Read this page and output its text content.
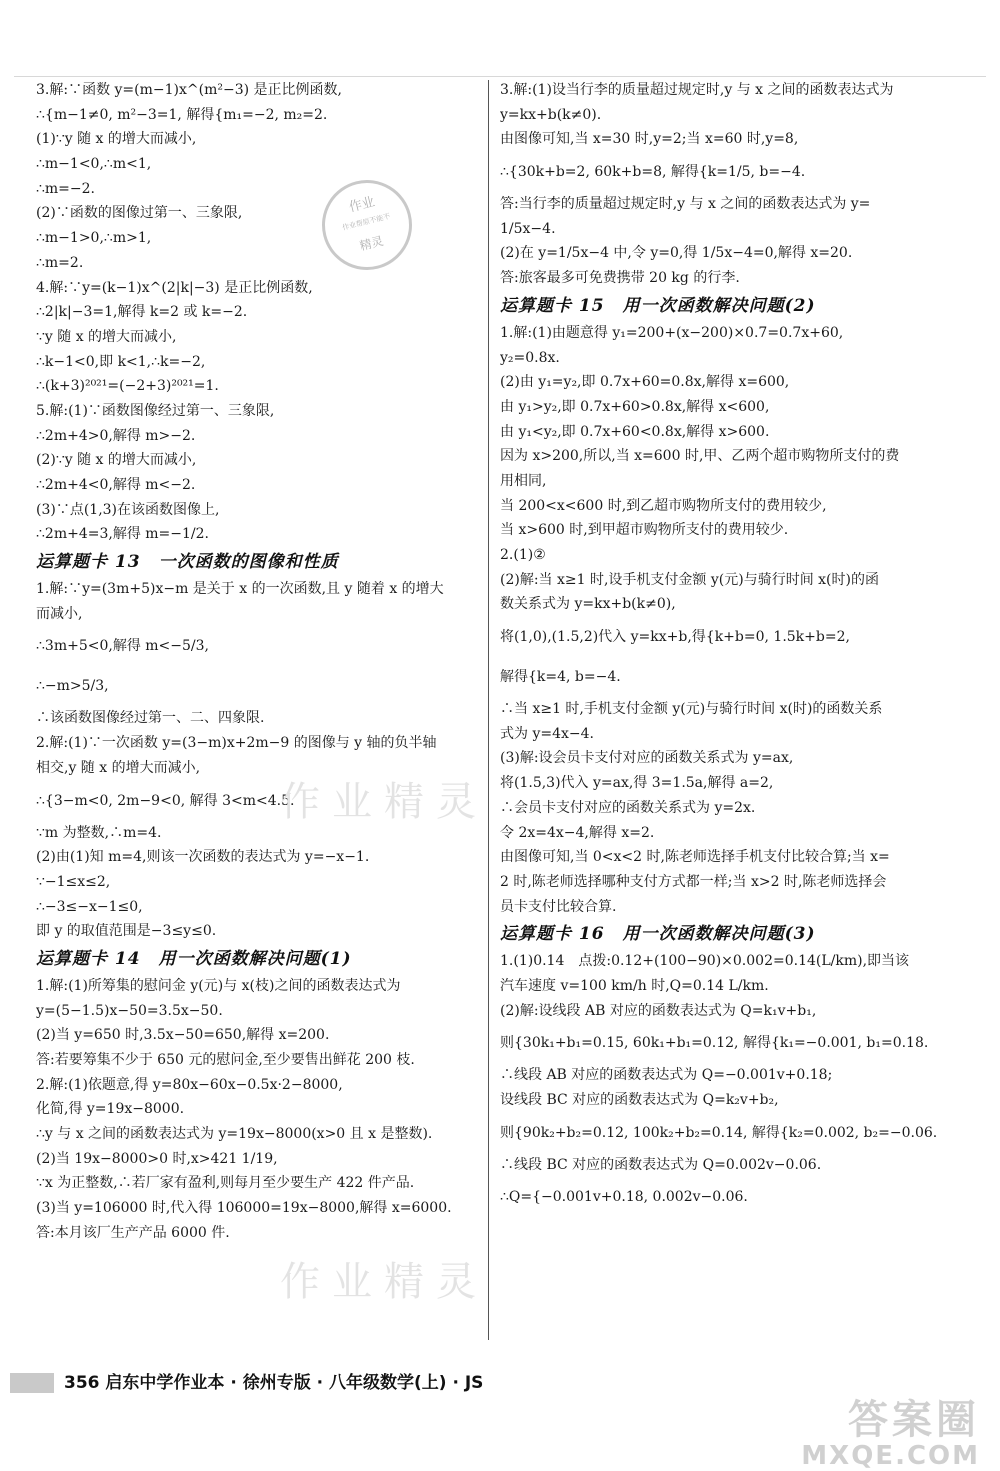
3.解:∵函数 y=(m−1)x^(m²−3) 是正比例函数,
∴{m−1≠0, m²−3=1, 解得{m₁=−2, m₂=2.
(1)∵y 随 x 的增大而减小,
∴m−1<0,∴m<1,
∴m=−2.
(2)∵函数的图像过第一、三象限,
∴m−1>0,∴m>1,
∴m=2.
4.解:∵y=(k−1)x^(2|k|−3) 是正比例函数,
∴2|k|−3=1,解得 k=2 或 k=−2.
∵y 随 x 的增大而减小,
∴k−1<0,即 k<1,∴k=−2,
∴(k+3)²⁰²¹=(−2+3)²⁰²¹=1.
5.解:(1)∵函数图像经过第一、三象限,
∴2m+4>0,解得 m>−2.
(2)∵y 随 x 的增大而减小,
∴2m+4<0,解得 m<−2.
(3)∵点(1,3)在该函数图像上,
∴2m+4=3,解得 m=−1/2.
运算题卡 13　一次函数的图像和性质
1.解:∵y=(3m+5)x−m 是关于 x 的一次函数,且 y 随着 x 的增大
而减小,
∴3m+5<0,解得 m<−5/3,
∴−m>5/3,
∴该函数图像经过第一、二、四象限.
2.解:(1)∵一次函数 y=(3−m)x+2m−9 的图像与 y 轴的负半轴
相交,y 随 x 的增大而减小,
∴{3−m<0, 2m−9<0, 解得 3<m<4.5.
∵m 为整数,∴m=4.
(2)由(1)知 m=4,则该一次函数的表达式为 y=−x−1.
∵−1≤x≤2,
∴−3≤−x−1≤0,
即 y 的取值范围是−3≤y≤0.
运算题卡 14　用一次函数解决问题(1)
1.解:(1)所筹集的慰问金 y(元)与 x(枝)之间的函数表达式为
y=(5−1.5)x−50=3.5x−50.
(2)当 y=650 时,3.5x−50=650,解得 x=200.
答:若要筹集不少于 650 元的慰问金,至少要售出鲜花 200 枝.
2.解:(1)依题意,得 y=80x−60x−0.5x·2−8000,
化简,得 y=19x−8000.
∴y 与 x 之间的函数表达式为 y=19x−8000(x>0 且 x 是整数).
(2)当 19x−8000>0 时,x>421 1/19,
∵x 为正整数,∴若厂家有盈利,则每月至少要生产 422 件产品.
(3)当 y=106000 时,代入得 106000=19x−8000,解得 x=6000.
答:本月该厂生产产品 6000 件.
3.解:(1)设当行李的质量超过规定时,y 与 x 之间的函数表达式为
y=kx+b(k≠0).
由图像可知,当 x=30 时,y=2;当 x=60 时,y=8,
∴{30k+b=2, 60k+b=8, 解得{k=1/5, b=−4.
答:当行李的质量超过规定时,y 与 x 之间的函数表达式为 y=
1/5x−4.
(2)在 y=1/5x−4 中,令 y=0,得 1/5x−4=0,解得 x=20.
答:旅客最多可免费携带 20 kg 的行李.
运算题卡 15　用一次函数解决问题(2)
1.解:(1)由题意得 y₁=200+(x−200)×0.7=0.7x+60,
y₂=0.8x.
(2)由 y₁=y₂,即 0.7x+60=0.8x,解得 x=600,
由 y₁>y₂,即 0.7x+60>0.8x,解得 x<600,
由 y₁<y₂,即 0.7x+60<0.8x,解得 x>600.
因为 x>200,所以,当 x=600 时,甲、乙两个超市购物所支付的费
用相同,
当 200<x<600 时,到乙超市购物所支付的费用较少,
当 x>600 时,到甲超市购物所支付的费用较少.
2.(1)②
(2)解:当 x≥1 时,设手机支付金额 y(元)与骑行时间 x(时)的函
数关系式为 y=kx+b(k≠0),
将(1,0),(1.5,2)代入 y=kx+b,得{k+b=0, 1.5k+b=2,
解得{k=4, b=−4.
∴当 x≥1 时,手机支付金额 y(元)与骑行时间 x(时)的函数关系
式为 y=4x−4.
(3)解:设会员卡支付对应的函数关系式为 y=ax,
将(1.5,3)代入 y=ax,得 3=1.5a,解得 a=2,
∴会员卡支付对应的函数关系式为 y=2x.
令 2x=4x−4,解得 x=2.
由图像可知,当 0<x<2 时,陈老师选择手机支付比较合算;当 x=
2 时,陈老师选择哪种支付方式都一样;当 x>2 时,陈老师选择会
员卡支付比较合算.
运算题卡 16　用一次函数解决问题(3)
1.(1)0.14　点拨:0.12+(100−90)×0.002=0.14(L/km),即当该
汽车速度 v=100 km/h 时,Q=0.14 L/km.
(2)解:设线段 AB 对应的函数表达式为 Q=k₁v+b₁,
则{30k₁+b₁=0.15, 60k₁+b₁=0.12, 解得{k₁=−0.001, b₁=0.18.
∴线段 AB 对应的函数表达式为 Q=−0.001v+0.18;
设线段 BC 对应的函数表达式为 Q=k₂v+b₂,
则{90k₂+b₂=0.12, 100k₂+b₂=0.14, 解得{k₂=0.002, b₂=−0.06.
∴线段 BC 对应的函数表达式为 Q=0.002v−0.06.
∴Q={−0.001v+0.18, 0.002v−0.06.
作业
作业帮原不能不
精灵
作业精灵
作业精灵
356 启东中学作业本 · 徐州专版 · 八年级数学(上) · JS
答案圈
MXQE.COM
